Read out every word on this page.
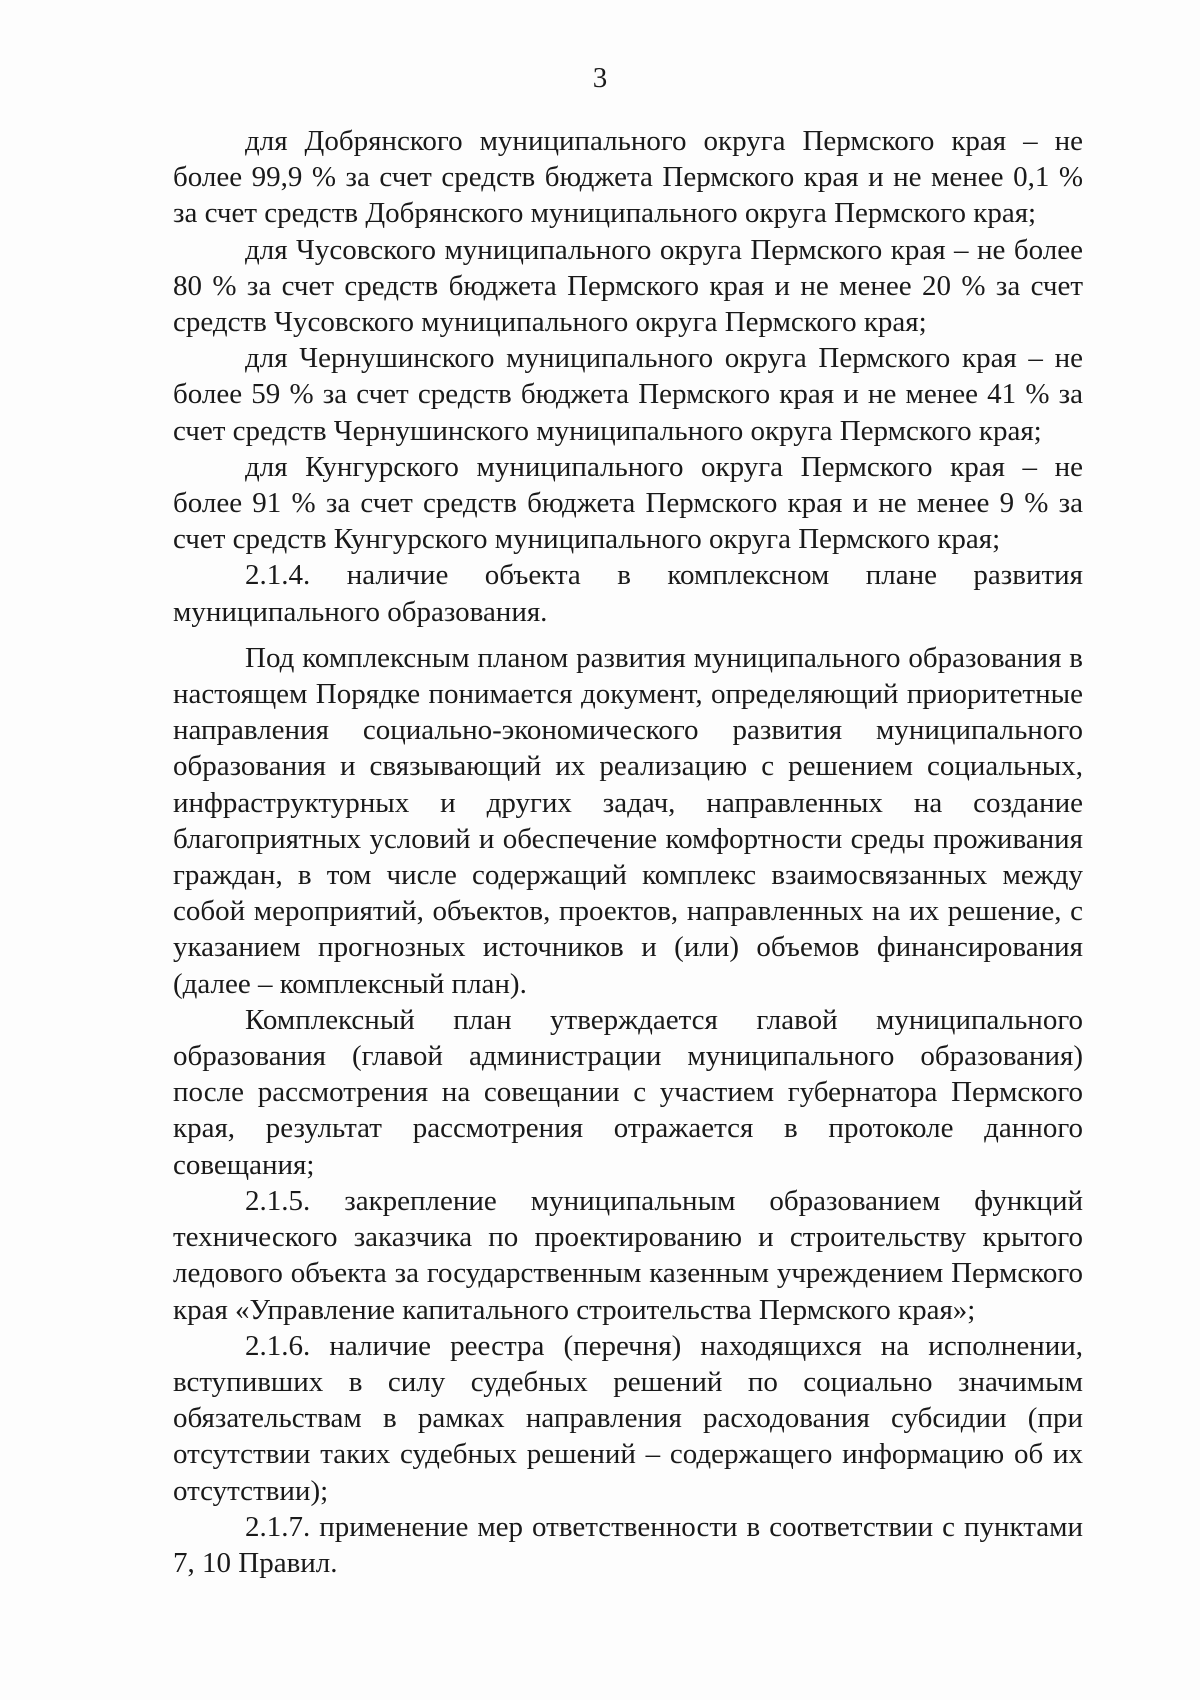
3

для Добрянского муниципального округа Пермского края – не более 99,9 % за счет средств бюджета Пермского края и не менее 0,1 % за счет средств Добрянского муниципального округа Пермского края;

для Чусовского муниципального округа Пермского края – не более 80 % за счет средств бюджета Пермского края и не менее 20 % за счет средств Чусовского муниципального округа Пермского края;

для Чернушинского муниципального округа Пермского края – не более 59 % за счет средств бюджета Пермского края и не менее 41 % за счет средств Чернушинского муниципального округа Пермского края;

для Кунгурского муниципального округа Пермского края – не более 91 % за счет средств бюджета Пермского края и не менее 9 % за счет средств Кунгурского муниципального округа Пермского края;

2.1.4. наличие объекта в комплексном плане развития муниципального образования.

Под комплексным планом развития муниципального образования в настоящем Порядке понимается документ, определяющий приоритетные направления социально-экономического развития муниципального образования и связывающий их реализацию с решением социальных, инфраструктурных и других задач, направленных на создание благоприятных условий и обеспечение комфортности среды проживания граждан, в том числе содержащий комплекс взаимосвязанных между собой мероприятий, объектов, проектов, направленных на их решение, с указанием прогнозных источников и (или) объемов финансирования (далее – комплексный план).

Комплексный план утверждается главой муниципального образования (главой администрации муниципального образования) после рассмотрения на совещании с участием губернатора Пермского края, результат рассмотрения отражается в протоколе данного совещания;

2.1.5. закрепление муниципальным образованием функций технического заказчика по проектированию и строительству крытого ледового объекта за государственным казенным учреждением Пермского края «Управление капитального строительства Пермского края»;

2.1.6. наличие реестра (перечня) находящихся на исполнении, вступивших в силу судебных решений по социально значимым обязательствам в рамках направления расходования субсидии (при отсутствии таких судебных решений – содержащего информацию об их отсутствии);

2.1.7. применение мер ответственности в соответствии с пунктами 7, 10 Правил.
